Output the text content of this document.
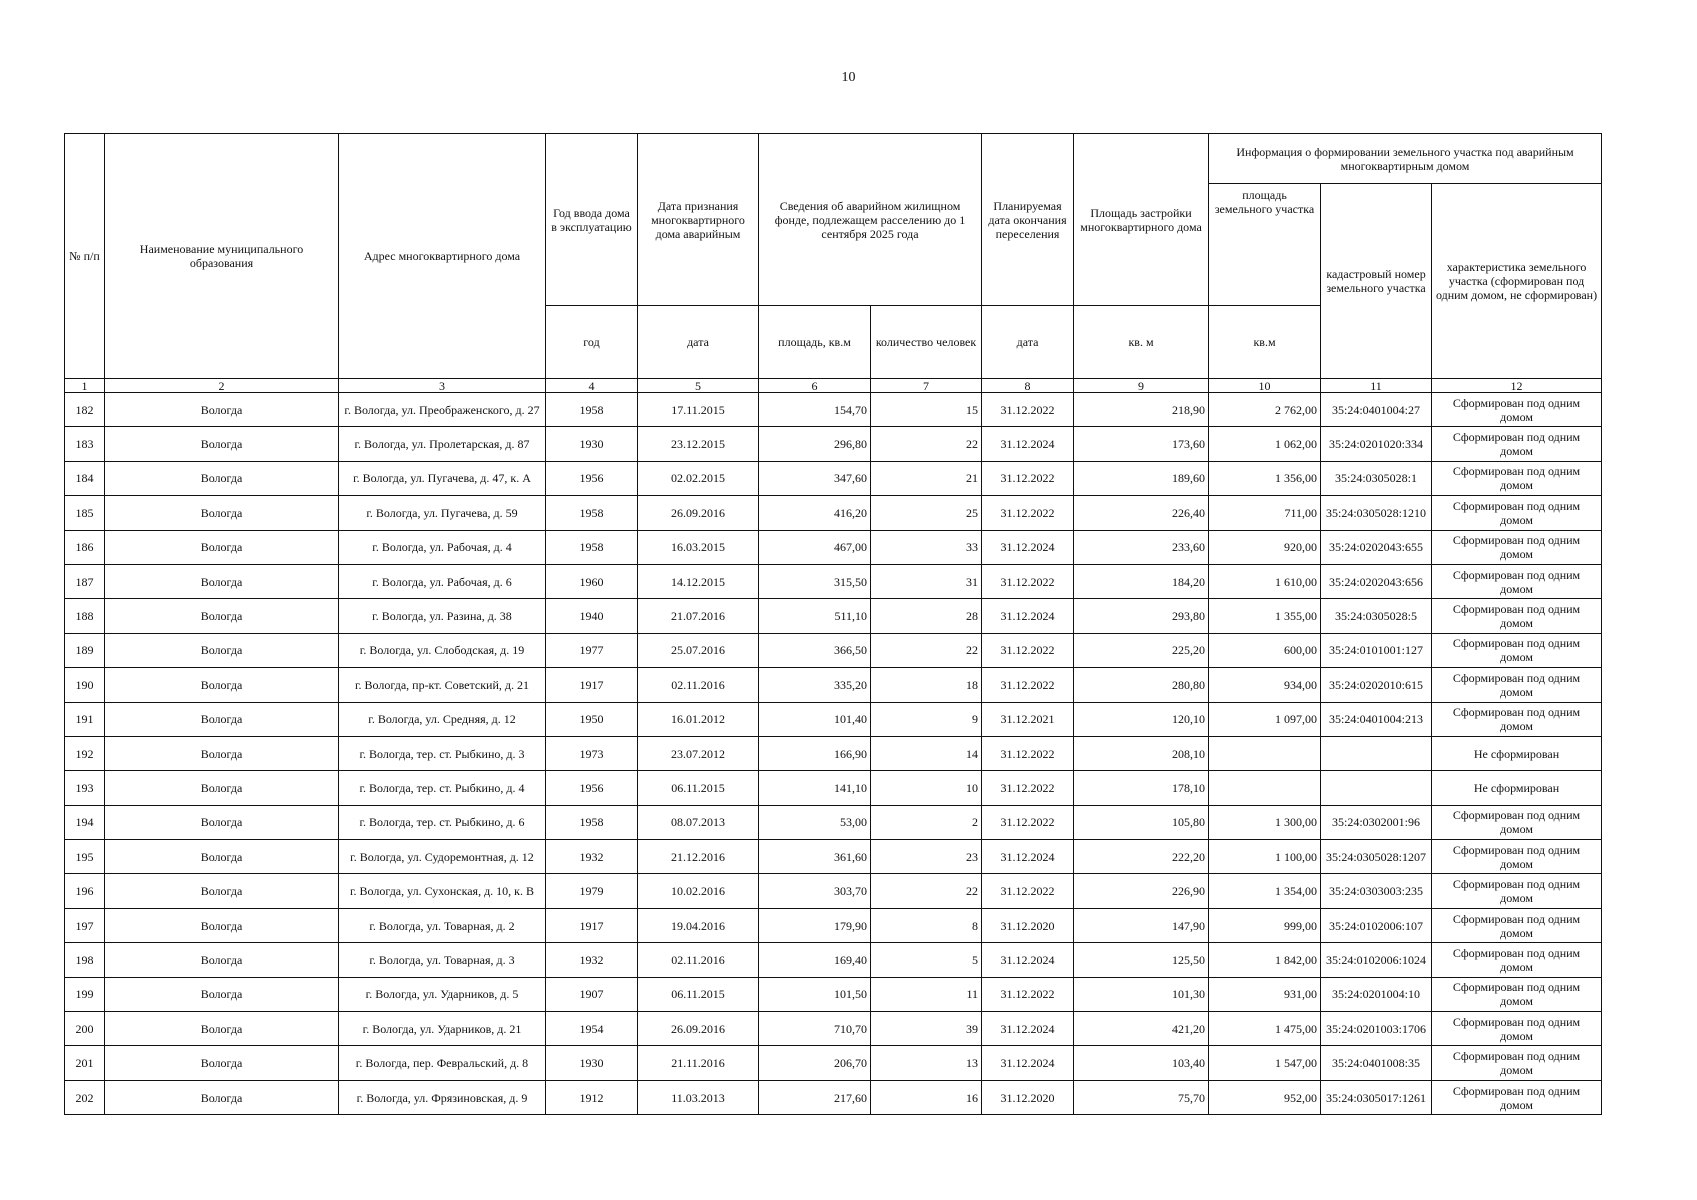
10
№ п/п	Наименование муниципального образования	Адрес многоквартирного дома	Год ввода дома в эксплуатацию	Дата признания многоквартирного дома аварийным	Сведения об аварийном жилищном фонде, подлежащем расселению до 1 сентября 2025 года		Планируемая дата окончания переселения	Площадь застройки многоквартирного дома	Информация о формировании земельного участка под аварийным многоквартирным домом		
									площадь земельного участка	кадастровый номер земельного участка	характеристика земельного участка (сформирован под одним домом, не сформирован)
			год	дата	площадь, кв.м	количество человек	дата	кв. м	кв.м		
1	2	3	4	5	6	7	8	9	10	11	12
182	Вологда	г. Вологда, ул. Преображенского, д. 27	1958	17.11.2015	154,70	15	31.12.2022	218,90	2 762,00	35:24:0401004:27	Сформирован под одним домом
183	Вологда	г. Вологда, ул. Пролетарская, д. 87	1930	23.12.2015	296,80	22	31.12.2024	173,60	1 062,00	35:24:0201020:334	Сформирован под одним домом
184	Вологда	г. Вологда, ул. Пугачева, д. 47, к. А	1956	02.02.2015	347,60	21	31.12.2022	189,60	1 356,00	35:24:0305028:1	Сформирован под одним домом
185	Вологда	г. Вологда, ул. Пугачева, д. 59	1958	26.09.2016	416,20	25	31.12.2022	226,40	711,00	35:24:0305028:1210	Сформирован под одним домом
186	Вологда	г. Вологда, ул. Рабочая, д. 4	1958	16.03.2015	467,00	33	31.12.2024	233,60	920,00	35:24:0202043:655	Сформирован под одним домом
187	Вологда	г. Вологда, ул. Рабочая, д. 6	1960	14.12.2015	315,50	31	31.12.2022	184,20	1 610,00	35:24:0202043:656	Сформирован под одним домом
188	Вологда	г. Вологда, ул. Разина, д. 38	1940	21.07.2016	511,10	28	31.12.2024	293,80	1 355,00	35:24:0305028:5	Сформирован под одним домом
189	Вологда	г. Вологда, ул. Слободская, д. 19	1977	25.07.2016	366,50	22	31.12.2022	225,20	600,00	35:24:0101001:127	Сформирован под одним домом
190	Вологда	г. Вологда, пр-кт. Советский, д. 21	1917	02.11.2016	335,20	18	31.12.2022	280,80	934,00	35:24:0202010:615	Сформирован под одним домом
191	Вологда	г. Вологда, ул. Средняя, д. 12	1950	16.01.2012	101,40	9	31.12.2021	120,10	1 097,00	35:24:0401004:213	Сформирован под одним домом
192	Вологда	г. Вологда, тер. ст. Рыбкино, д. 3	1973	23.07.2012	166,90	14	31.12.2022	208,10			Не сформирован
193	Вологда	г. Вологда, тер. ст. Рыбкино, д. 4	1956	06.11.2015	141,10	10	31.12.2022	178,10			Не сформирован
194	Вологда	г. Вологда, тер. ст. Рыбкино, д. 6	1958	08.07.2013	53,00	2	31.12.2022	105,80	1 300,00	35:24:0302001:96	Сформирован под одним домом
195	Вологда	г. Вологда, ул. Судоремонтная, д. 12	1932	21.12.2016	361,60	23	31.12.2024	222,20	1 100,00	35:24:0305028:1207	Сформирован под одним домом
196	Вологда	г. Вологда, ул. Сухонская, д. 10, к. В	1979	10.02.2016	303,70	22	31.12.2022	226,90	1 354,00	35:24:0303003:235	Сформирован под одним домом
197	Вологда	г. Вологда, ул. Товарная, д. 2	1917	19.04.2016	179,90	8	31.12.2020	147,90	999,00	35:24:0102006:107	Сформирован под одним домом
198	Вологда	г. Вологда, ул. Товарная, д. 3	1932	02.11.2016	169,40	5	31.12.2024	125,50	1 842,00	35:24:0102006:1024	Сформирован под одним домом
199	Вологда	г. Вологда, ул. Ударников, д. 5	1907	06.11.2015	101,50	11	31.12.2022	101,30	931,00	35:24:0201004:10	Сформирован под одним домом
200	Вологда	г. Вологда, ул. Ударников, д. 21	1954	26.09.2016	710,70	39	31.12.2024	421,20	1 475,00	35:24:0201003:1706	Сформирован под одним домом
201	Вологда	г. Вологда, пер. Февральский, д. 8	1930	21.11.2016	206,70	13	31.12.2024	103,40	1 547,00	35:24:0401008:35	Сформирован под одним домом
202	Вологда	г. Вологда, ул. Фрязиновская, д. 9	1912	11.03.2013	217,60	16	31.12.2020	75,70	952,00	35:24:0305017:1261	Сформирован под одним домом
